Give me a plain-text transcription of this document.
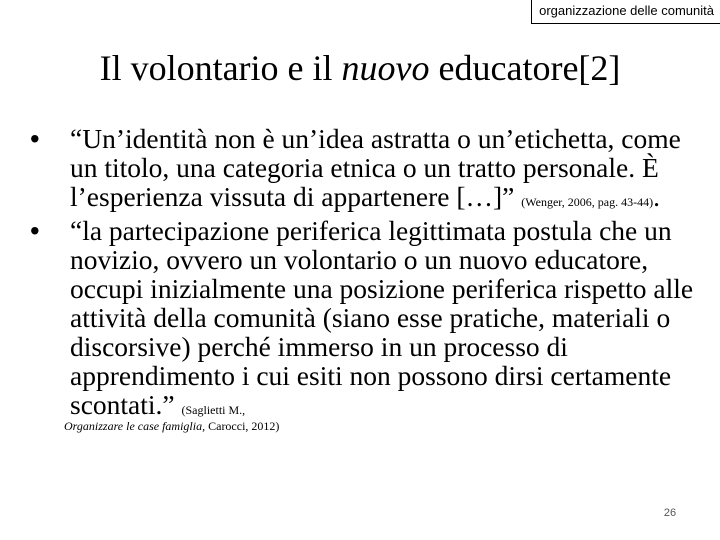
organizzazione delle comunità
Il volontario e il nuovo educatore[2]
• “Un’identità non è un’idea astratta o un’etichetta, come un titolo, una categoria etnica o un tratto personale. È l’esperienza vissuta di appartenere […]” (Wenger, 2006, pag. 43-44).
• “la partecipazione periferica legittimata postula che un novizio, ovvero un volontario o un nuovo educatore, occupi inizialmente una posizione periferica rispetto alle attività della comunità (siano esse pratiche, materiali o discorsive) perché immerso in un processo di apprendimento i cui esiti non possono dirsi certamente scontati.” (Saglietti M.,
Organizzare le case famiglia, Carocci, 2012)
26
